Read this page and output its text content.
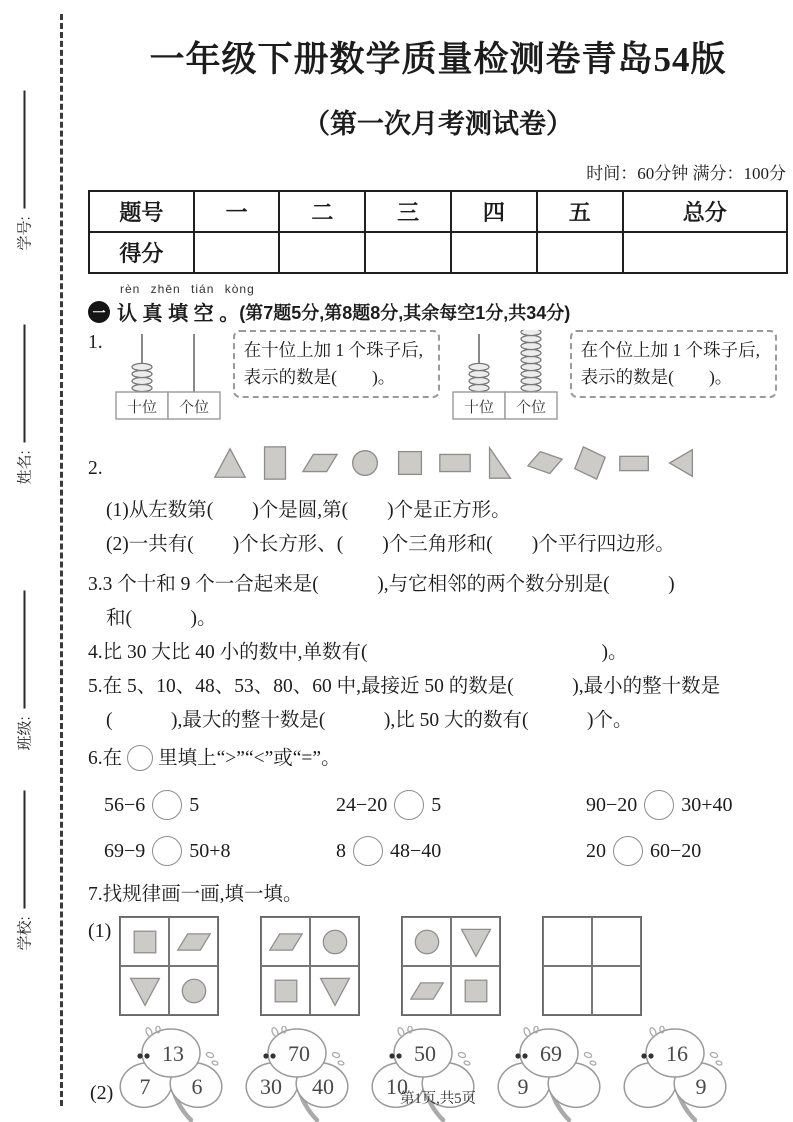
学号:
姓名:
班级:
学校:
一年级下册数学质量检测卷青岛54版
（第一次月考测试卷）
时间：60分钟 满分：100分
题号	一	二	三	四	五	总分
得分						
rèn zhēn tián kòng
一 认 真 填 空 。 (第7题5分,第8题8分,其余每空1分,共34分)
1.
十位 个位
在十位上加 1 个珠子后,表示的数是(　　)。
十位 个位
在个位上加 1 个珠子后,表示的数是(　　)。
2.
(1)从左数第(　　)个是圆,第(　　)个是正方形。
(2)一共有(　　)个长方形、(　　)个三角形和(　　)个平行四边形。
3.3 个十和 9 个一合起来是(　　　),与它相邻的两个数分别是(　　　)
和(　　　)。
4.比 30 大比 40 小的数中,单数有(　　　　　　　　　　　　)。
5.在 5、10、48、53、80、60 中,最接近 50 的数是(　　　),最小的整十数是
(　　　),最大的整十数是(　　　),比 50 大的数有(　　　)个。
6.在 里填上“>”“<”或“=”。
56−6 5	24−20 5	90−20 30+40
69−9 50+8	8 48−40	20 60−20
7.找规律画一画,填一填。
(1)
(2)
13
7 6
70
30 40
50
10
69
9
16
9
第1页,共5页
